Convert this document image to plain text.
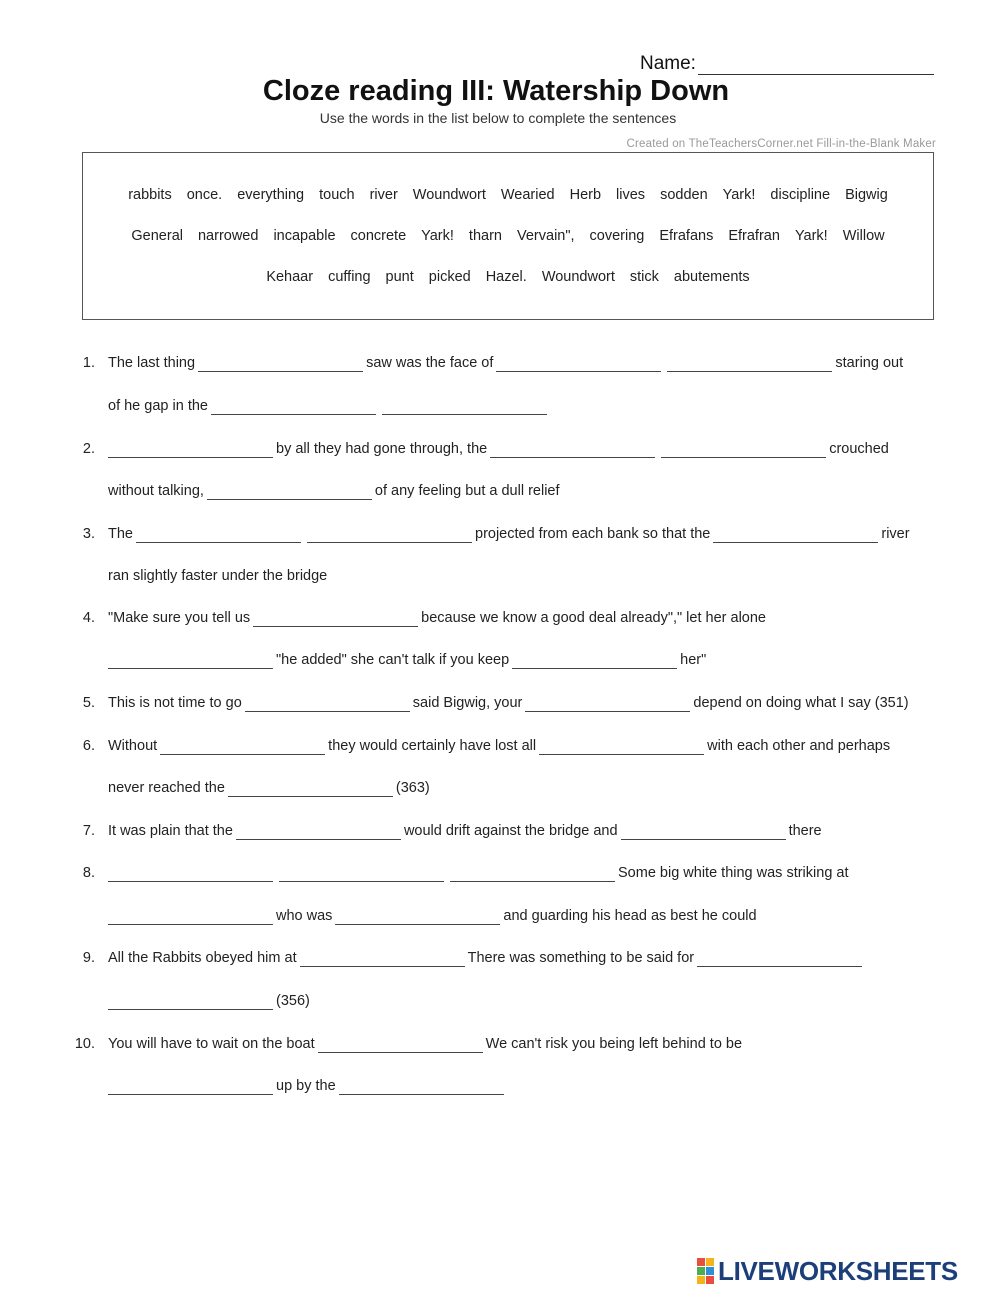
Name:
Cloze reading III: Watership Down
Use the words in the list below to complete the sentences
Created on TheTeachersCorner.net Fill-in-the-Blank Maker
rabbits once. everything touch river Woundwort Wearied Herb lives sodden Yark! discipline Bigwig
General narrowed incapable concrete Yark! tharn Vervain", covering Efrafans Efrafran Yark! Willow
Kehaar cuffing punt picked Hazel. Woundwort stick abutements
1. The last thing	saw was the face of	staring out
of he gap in the
2.	by all they had gone through, the	crouched
without talking,	of any feeling but a dull relief
3. The	projected from each bank so that the	river
ran slightly faster under the bridge
4. "Make sure you tell us	because we know a good deal already"," let her alone
"he added" she can't talk if you keep	her"
5. This is not time to go	said Bigwig, your	depend on doing what I say (351)
6. Without	they would certainly have lost all	with each other and perhaps
never reached the	(363)
7. It was plain that the	would drift against the bridge and	there
8.	Some big white thing was striking at
who was	and guarding his head as best he could
9. All the Rabbits obeyed him at	There was something to be said for
(356)
10. You will have to wait on the boat	We can't risk you being left behind to be
up by the
LIVEWORKSHEETS
